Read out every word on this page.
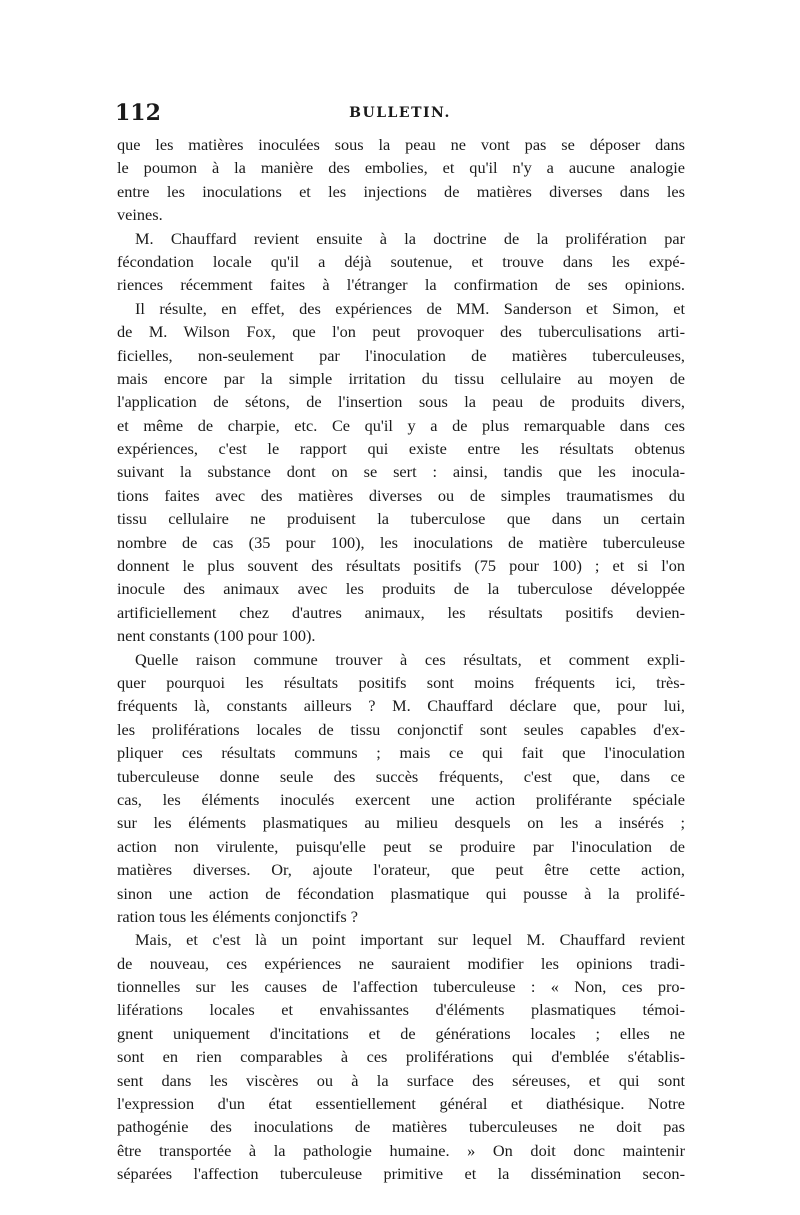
112	BULLETIN.
que les matières inoculées sous la peau ne vont pas se déposer dans
le poumon à la manière des embolies, et qu'il n'y a aucune analogie
entre les inoculations et les injections de matières diverses dans les
veines.
M. Chauffard revient ensuite à la doctrine de la prolifération par
fécondation locale qu'il a déjà soutenue, et trouve dans les expé-
riences récemment faites à l'étranger la confirmation de ses opinions.
Il résulte, en effet, des expériences de MM. Sanderson et Simon, et
de M. Wilson Fox, que l'on peut provoquer des tuberculisations arti-
ficielles, non-seulement par l'inoculation de matières tuberculeuses,
mais encore par la simple irritation du tissu cellulaire au moyen de
l'application de sétons, de l'insertion sous la peau de produits divers,
et même de charpie, etc. Ce qu'il y a de plus remarquable dans ces
expériences, c'est le rapport qui existe entre les résultats obtenus
suivant la substance dont on se sert : ainsi, tandis que les inocula-
tions faites avec des matières diverses ou de simples traumatismes du
tissu cellulaire ne produisent la tuberculose que dans un certain
nombre de cas (35 pour 100), les inoculations de matière tuberculeuse
donnent le plus souvent des résultats positifs (75 pour 100) ; et si l'on
inocule des animaux avec les produits de la tuberculose développée
artificiellement chez d'autres animaux, les résultats positifs devien-
nent constants (100 pour 100).
Quelle raison commune trouver à ces résultats, et comment expli-
quer pourquoi les résultats positifs sont moins fréquents ici, très-
fréquents là, constants ailleurs ? M. Chauffard déclare que, pour lui,
les proliférations locales de tissu conjonctif sont seules capables d'ex-
pliquer ces résultats communs ; mais ce qui fait que l'inoculation
tuberculeuse donne seule des succès fréquents, c'est que, dans ce
cas, les éléments inoculés exercent une action proliférante spéciale
sur les éléments plasmatiques au milieu desquels on les a insérés ;
action non virulente, puisqu'elle peut se produire par l'inoculation de
matières diverses. Or, ajoute l'orateur, que peut être cette action,
sinon une action de fécondation plasmatique qui pousse à la prolifé-
ration tous les éléments conjonctifs ?
Mais, et c'est là un point important sur lequel M. Chauffard revient
de nouveau, ces expériences ne sauraient modifier les opinions tradi-
tionnelles sur les causes de l'affection tuberculeuse : « Non, ces pro-
liférations locales et envahissantes d'éléments plasmatiques témoi-
gnent uniquement d'incitations et de générations locales ; elles ne
sont en rien comparables à ces proliférations qui d'emblée s'établis-
sent dans les viscères ou à la surface des séreuses, et qui sont
l'expression d'un état essentiellement général et diathésique. Notre
pathogénie des inoculations de matières tuberculeuses ne doit pas
être transportée à la pathologie humaine. » On doit donc maintenir
séparées l'affection tuberculeuse primitive et la dissémination secon-
